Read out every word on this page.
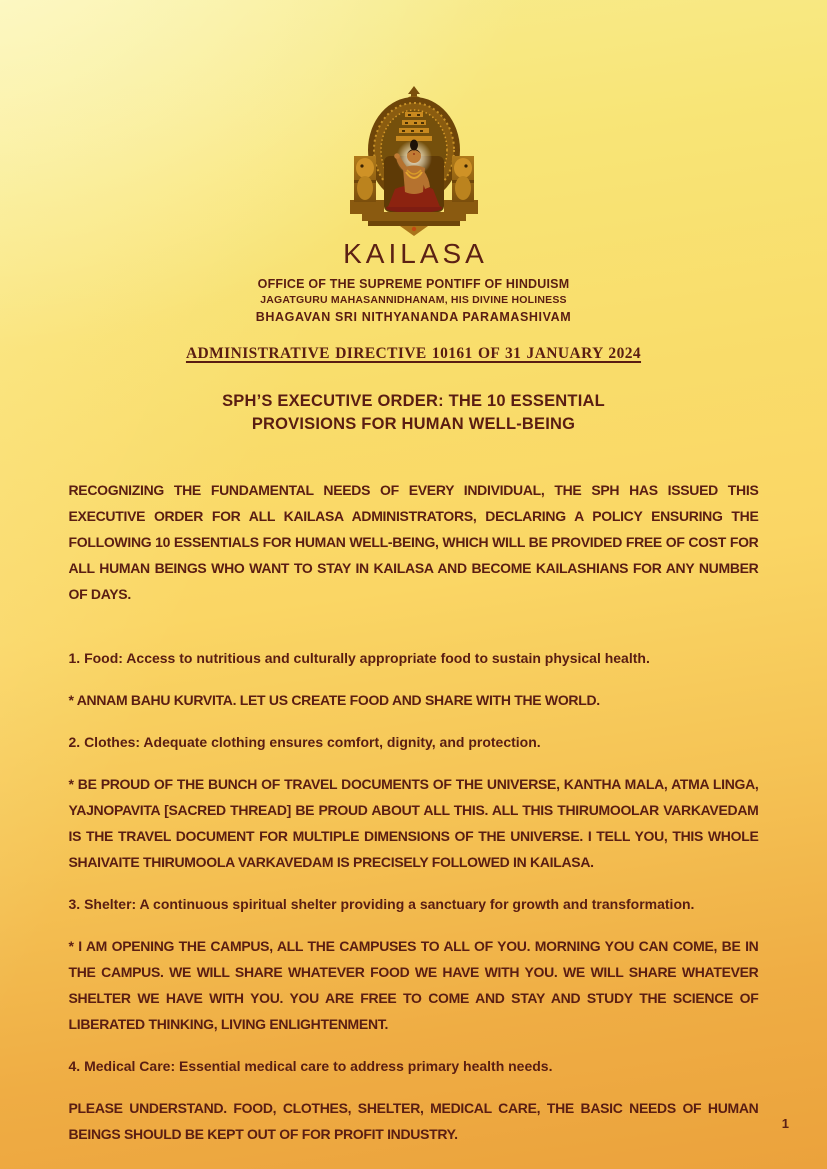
KAILASA
OFFICE OF THE SUPREME PONTIFF OF HINDUISM
JAGATGURU MAHASANNIDHANAM, HIS DIVINE HOLINESS
BHAGAVAN SRI NITHYANANDA PARAMASHIVAM
ADMINISTRATIVE DIRECTIVE 10161 OF 31 JANUARY 2024
SPH’S EXECUTIVE ORDER: THE 10 ESSENTIAL
PROVISIONS FOR HUMAN WELL-BEING

RECOGNIZING THE FUNDAMENTAL NEEDS OF EVERY INDIVIDUAL, THE SPH HAS ISSUED THIS EXECUTIVE ORDER FOR ALL KAILASA ADMINISTRATORS, DECLARING A POLICY ENSURING THE FOLLOWING 10 ESSENTIALS FOR HUMAN WELL-BEING, WHICH WILL BE PROVIDED FREE OF COST FOR ALL HUMAN BEINGS WHO WANT TO STAY IN KAILASA AND BECOME KAILASHIANS FOR ANY NUMBER OF DAYS.

1. Food: Access to nutritious and culturally appropriate food to sustain physical health.

* ANNAM BAHU KURVITA. LET US CREATE FOOD AND SHARE WITH THE WORLD.

2. Clothes: Adequate clothing ensures comfort, dignity, and protection.

* BE PROUD OF THE BUNCH OF TRAVEL DOCUMENTS OF THE UNIVERSE, KANTHA MALA, ATMA LINGA, YAJNOPAVITA [SACRED THREAD] BE PROUD ABOUT ALL THIS. ALL THIS THIRUMOOLAR VARKAVEDAM IS THE TRAVEL DOCUMENT FOR MULTIPLE DIMENSIONS OF THE UNIVERSE. I TELL YOU, THIS WHOLE SHAIVAITE THIRUMOOLA VARKAVEDAM IS PRECISELY FOLLOWED IN KAILASA.

3. Shelter: A continuous spiritual shelter providing a sanctuary for growth and transformation.

* I AM OPENING THE CAMPUS, ALL THE CAMPUSES TO ALL OF YOU. MORNING YOU CAN COME, BE IN THE CAMPUS. WE WILL SHARE WHATEVER FOOD WE HAVE WITH YOU. WE WILL SHARE WHATEVER SHELTER WE HAVE WITH YOU. YOU ARE FREE TO COME AND STAY AND STUDY THE SCIENCE OF LIBERATED THINKING, LIVING ENLIGHTENMENT.

4. Medical Care: Essential medical care to address primary health needs.

PLEASE UNDERSTAND. FOOD, CLOTHES, SHELTER, MEDICAL CARE, THE BASIC NEEDS OF HUMAN BEINGS SHOULD BE KEPT OUT OF FOR PROFIT INDUSTRY.

1
